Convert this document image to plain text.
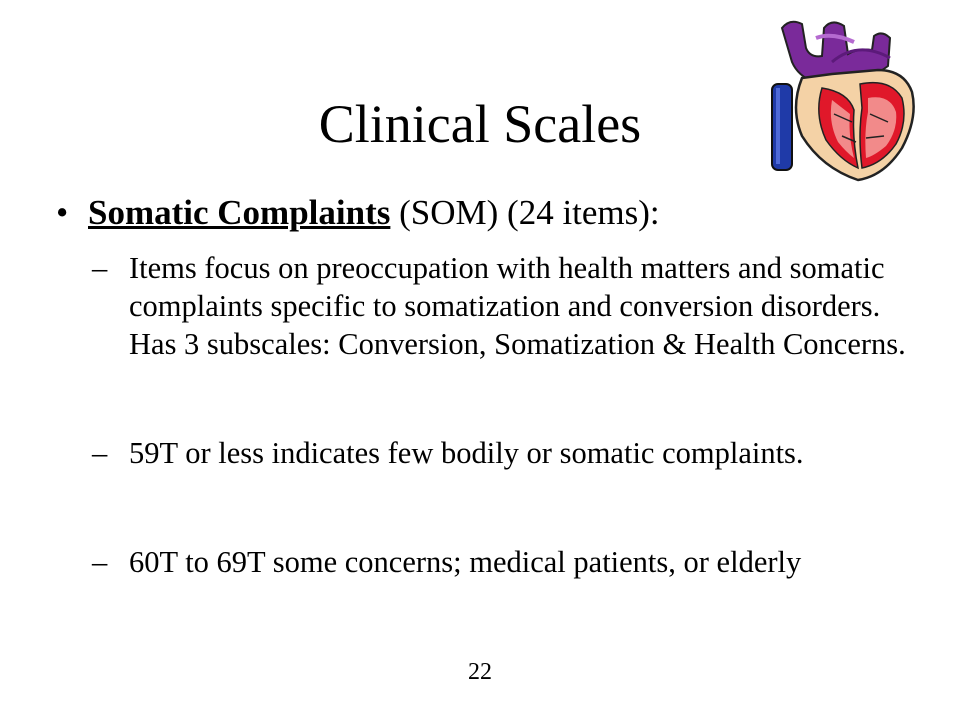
Clinical Scales
• Somatic Complaints (SOM) (24 items):
– Items focus on preoccupation with health matters and somatic complaints specific to somatization and conversion disorders. Has 3 subscales: Conversion, Somatization & Health Concerns.
– 59T or less indicates few bodily or somatic complaints.
– 60T to 69T some concerns; medical patients, or elderly
22
